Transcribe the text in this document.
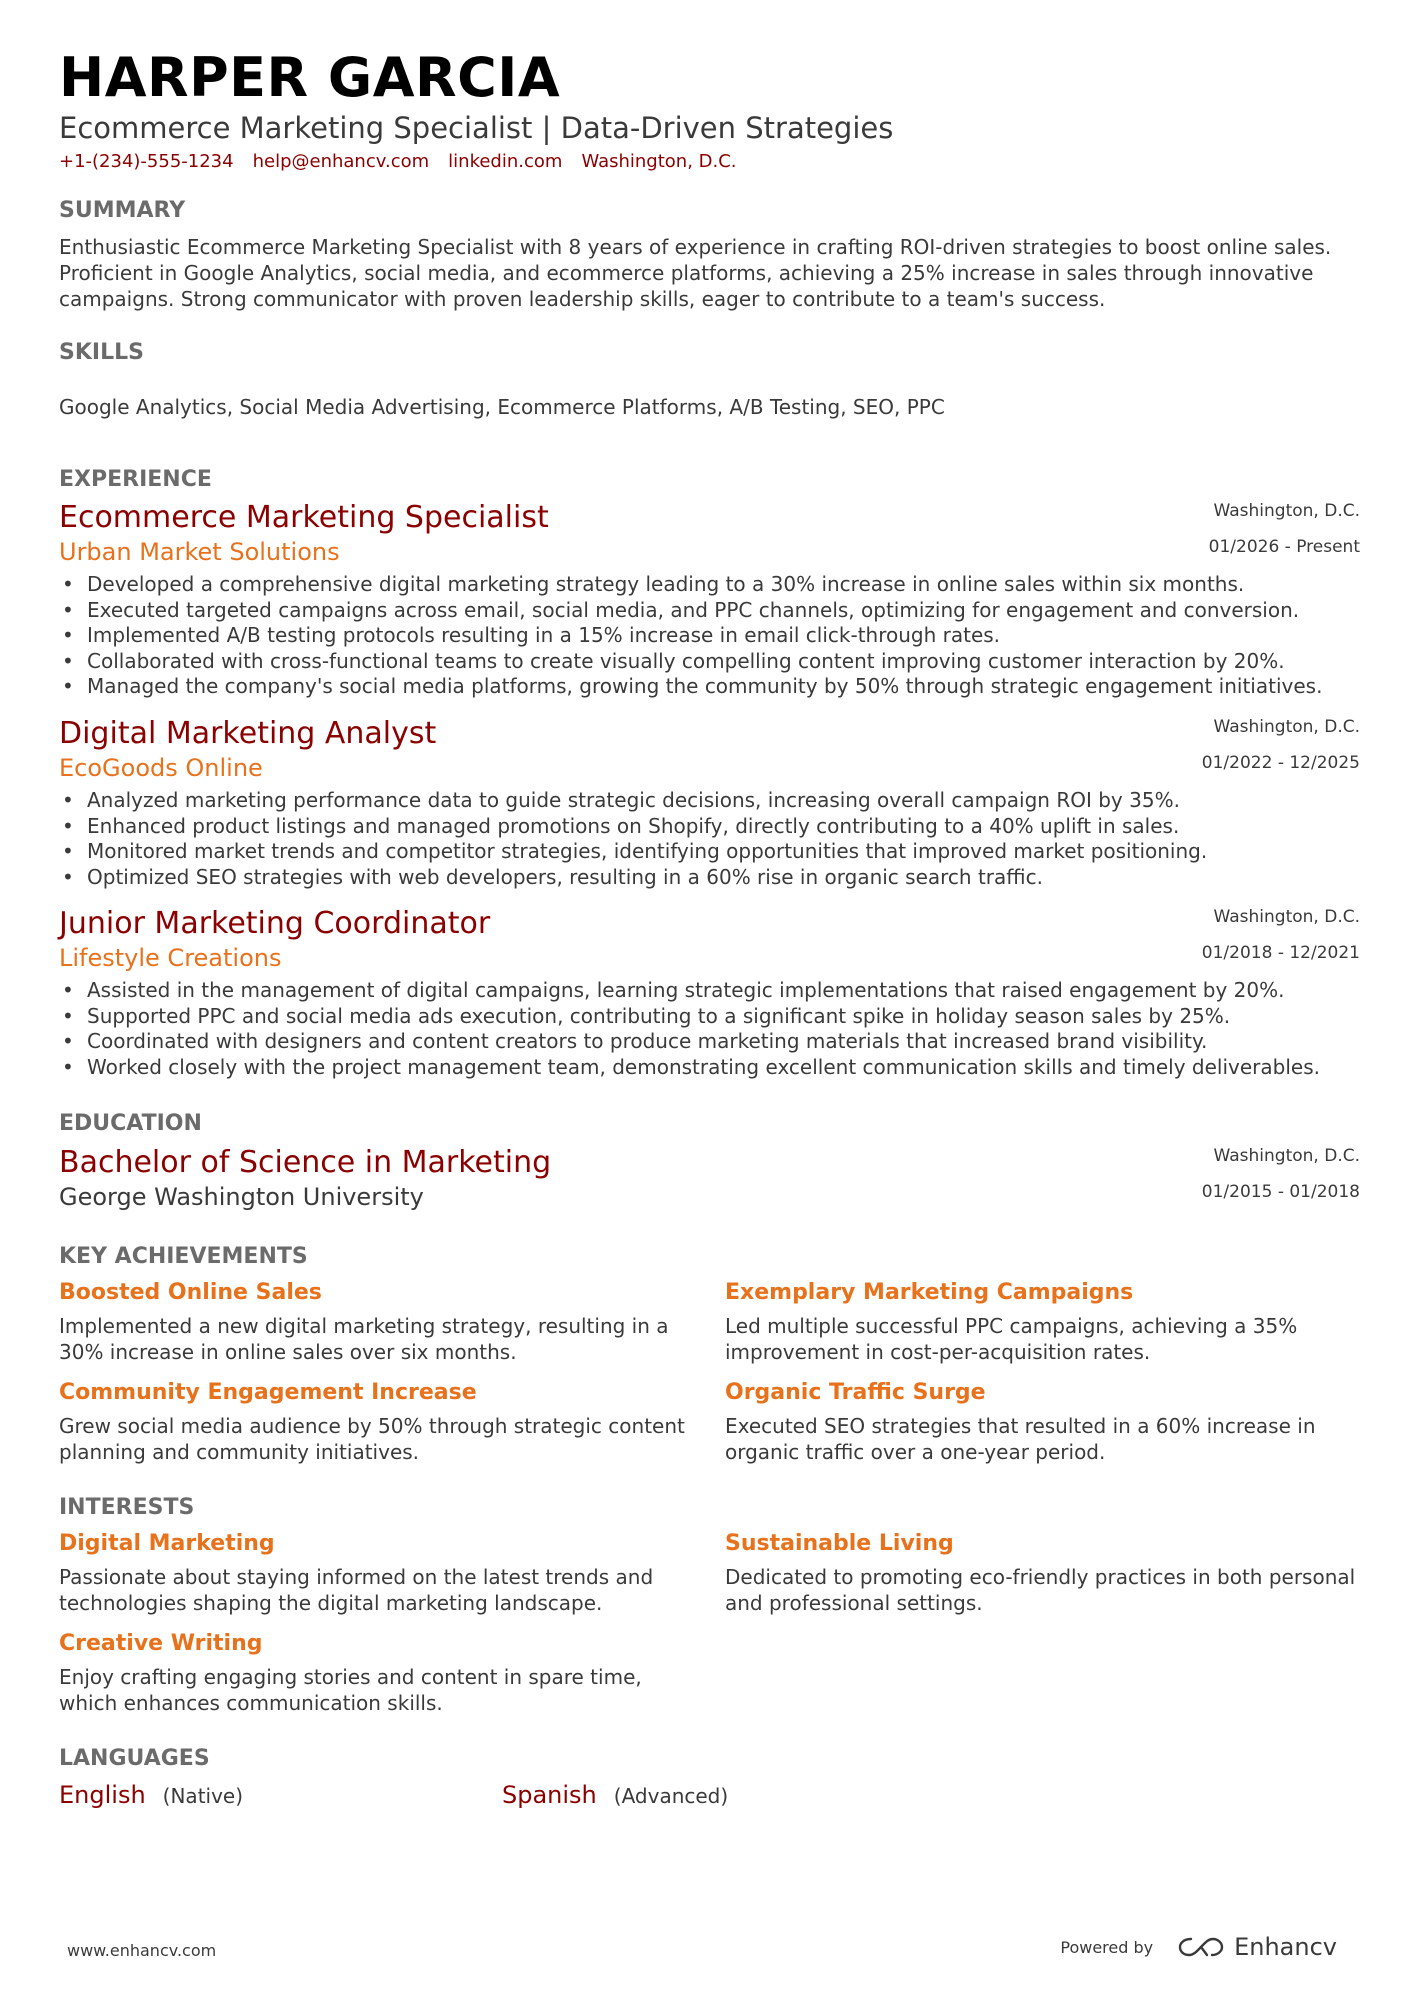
HARPER GARCIA
Ecommerce Marketing Specialist | Data-Driven Strategies
+1-(234)-555-1234 help@enhancv.com linkedin.com Washington, D.C.
SUMMARY
Enthusiastic Ecommerce Marketing Specialist with 8 years of experience in crafting ROI-driven strategies to boost online sales. Proficient in Google Analytics, social media, and ecommerce platforms, achieving a 25% increase in sales through innovative campaigns. Strong communicator with proven leadership skills, eager to contribute to a team's success.
SKILLS
Google Analytics, Social Media Advertising, Ecommerce Platforms, A/B Testing, SEO, PPC
EXPERIENCE
Ecommerce Marketing Specialist
Urban Market Solutions
Washington, D.C.
01/2026 - Present
• Developed a comprehensive digital marketing strategy leading to a 30% increase in online sales within six months.
• Executed targeted campaigns across email, social media, and PPC channels, optimizing for engagement and conversion.
• Implemented A/B testing protocols resulting in a 15% increase in email click-through rates.
• Collaborated with cross-functional teams to create visually compelling content improving customer interaction by 20%.
• Managed the company's social media platforms, growing the community by 50% through strategic engagement initiatives.
Digital Marketing Analyst
EcoGoods Online
Washington, D.C.
01/2022 - 12/2025
• Analyzed marketing performance data to guide strategic decisions, increasing overall campaign ROI by 35%.
• Enhanced product listings and managed promotions on Shopify, directly contributing to a 40% uplift in sales.
• Monitored market trends and competitor strategies, identifying opportunities that improved market positioning.
• Optimized SEO strategies with web developers, resulting in a 60% rise in organic search traffic.
Junior Marketing Coordinator
Lifestyle Creations
Washington, D.C.
01/2018 - 12/2021
• Assisted in the management of digital campaigns, learning strategic implementations that raised engagement by 20%.
• Supported PPC and social media ads execution, contributing to a significant spike in holiday season sales by 25%.
• Coordinated with designers and content creators to produce marketing materials that increased brand visibility.
• Worked closely with the project management team, demonstrating excellent communication skills and timely deliverables.
EDUCATION
Bachelor of Science in Marketing
George Washington University
Washington, D.C.
01/2015 - 01/2018
KEY ACHIEVEMENTS
Boosted Online Sales
Implemented a new digital marketing strategy, resulting in a 30% increase in online sales over six months.
Exemplary Marketing Campaigns
Led multiple successful PPC campaigns, achieving a 35% improvement in cost-per-acquisition rates.
Community Engagement Increase
Grew social media audience by 50% through strategic content planning and community initiatives.
Organic Traffic Surge
Executed SEO strategies that resulted in a 60% increase in organic traffic over a one-year period.
INTERESTS
Digital Marketing
Passionate about staying informed on the latest trends and technologies shaping the digital marketing landscape.
Sustainable Living
Dedicated to promoting eco-friendly practices in both personal and professional settings.
Creative Writing
Enjoy crafting engaging stories and content in spare time, which enhances communication skills.
LANGUAGES
English (Native)	Spanish (Advanced)
www.enhancv.com	Powered by	Enhancv
